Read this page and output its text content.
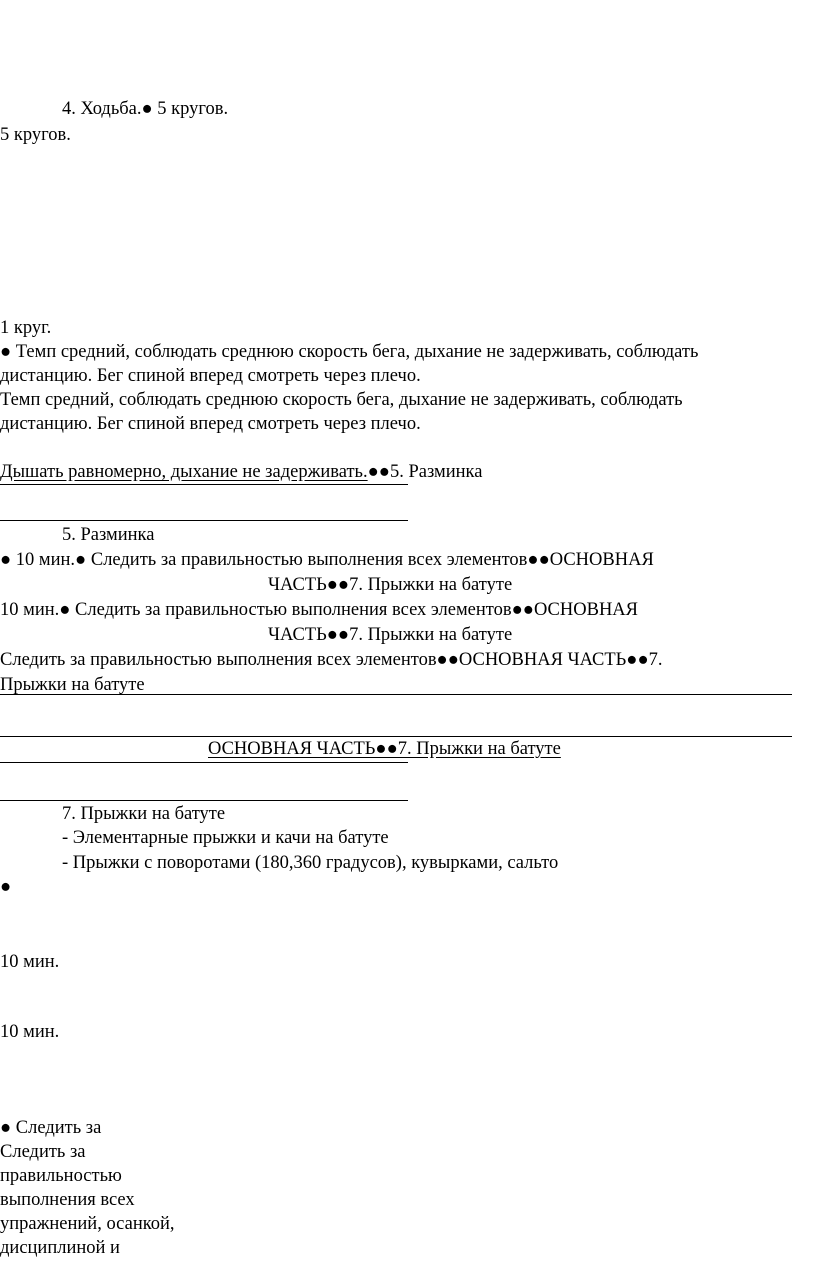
4. Ходьба.● 5 кругов.
5 кругов.
1 круг.
● Темп средний, соблюдать среднюю скорость бега, дыхание не задерживать, соблюдать
дистанцию. Бег спиной вперед смотреть через плечо.
Темп средний, соблюдать среднюю скорость бега, дыхание не задерживать, соблюдать
дистанцию. Бег спиной вперед смотреть через плечо.
Дышать равномерно, дыхание не задерживать.●●5. Разминка
5. Разминка
● 10 мин.● Следить за правильностью выполнения всех элементов●●ОСНОВНАЯ
ЧАСТЬ●●7. Прыжки на батуте
10 мин.● Следить за правильностью выполнения всех элементов●●ОСНОВНАЯ
ЧАСТЬ●●7. Прыжки на батуте
Следить за правильностью выполнения всех элементов●●ОСНОВНАЯ ЧАСТЬ●●7.
Прыжки на батуте
ОСНОВНАЯ ЧАСТЬ●●7. Прыжки на батуте
7. Прыжки на батуте
- Элементарные прыжки и качи на батуте
- Прыжки с поворотами (180,360 градусов), кувырками, сальто
●
10 мин.
10 мин.
● Следить за
Следить за
правильностью
выполнения всех
упражнений, осанкой,
дисциплиной и
